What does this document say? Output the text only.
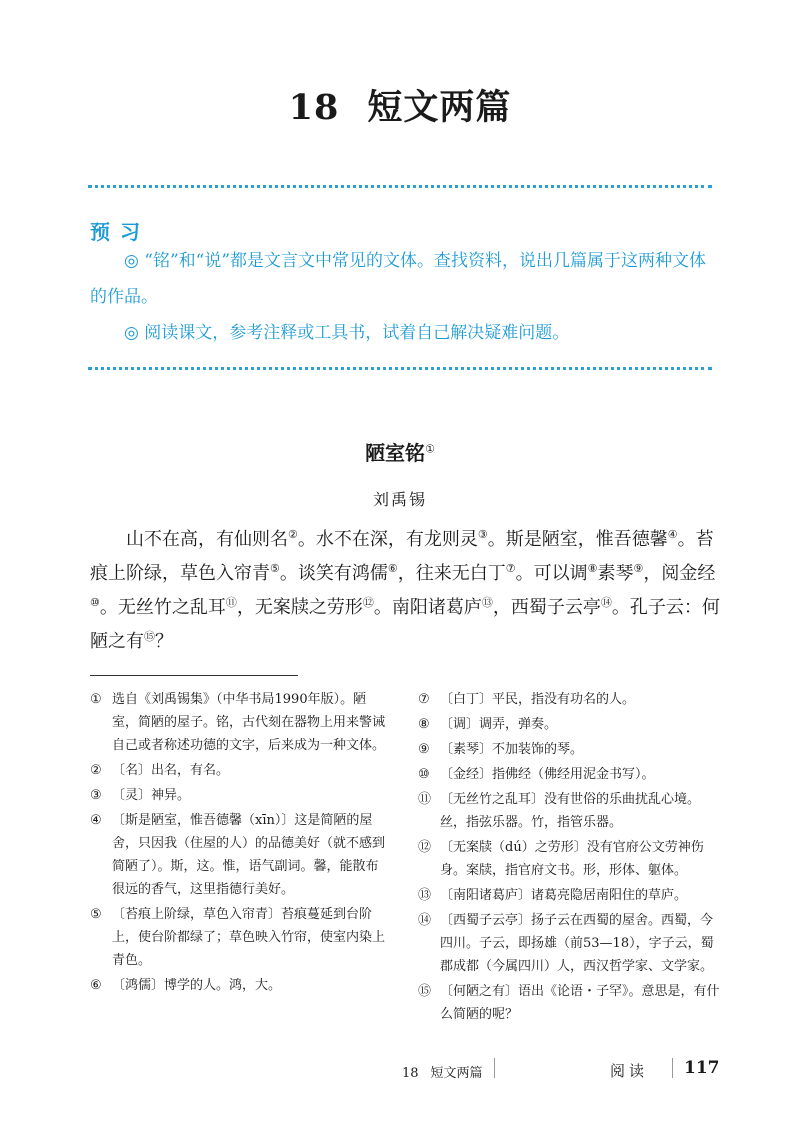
18 短文两篇
预习

◎ “铭”和“说”都是文言文中常见的文体。查找资料，说出几篇属于这两种文体的作品。

◎ 阅读课文，参考注释或工具书，试着自己解决疑难问题。

陋室铭①
刘禹锡

山不在高，有仙则名②。水不在深，有龙则灵③。斯是陋室，惟吾德馨④。苔痕上阶绿，草色入帘青⑤。谈笑有鸿儒⑥，往来无白丁⑦。可以调⑧素琴⑨，阅金经⑩。无丝竹之乱耳⑪，无案牍之劳形⑫。南阳诸葛庐⑬，西蜀子云亭⑭。孔子云：何陋之有⑮？

① 选自《刘禹锡集》（中华书局1990年版）。陋室，简陋的屋子。铭，古代刻在器物上用来警诫自己或者称述功德的文字，后来成为一种文体。
② 〔名〕出名，有名。
③ 〔灵〕神异。
④ 〔斯是陋室，惟吾德馨（xīn）〕这是简陋的屋舍，只因我（住屋的人）的品德美好（就不感到简陋了）。斯，这。惟，语气副词。馨，能散布很远的香气，这里指德行美好。
⑤ 〔苔痕上阶绿，草色入帘青〕苔痕蔓延到台阶上，使台阶都绿了；草色映入竹帘，使室内染上青色。
⑥ 〔鸿儒〕博学的人。鸿，大。
⑦ 〔白丁〕平民，指没有功名的人。
⑧ 〔调〕调弄，弹奏。
⑨ 〔素琴〕不加装饰的琴。
⑩ 〔金经〕指佛经（佛经用泥金书写）。
⑪ 〔无丝竹之乱耳〕没有世俗的乐曲扰乱心境。丝，指弦乐器。竹，指管乐器。
⑫ 〔无案牍（dú）之劳形〕没有官府公文劳神伤身。案牍，指官府文书。形，形体、躯体。
⑬ 〔南阳诸葛庐〕诸葛亮隐居南阳住的草庐。
⑭ 〔西蜀子云亭〕扬子云在西蜀的屋舍。西蜀，今四川。子云，即扬雄（前53—18），字子云，蜀郡成都（今属四川）人，西汉哲学家、文学家。
⑮ 〔何陋之有〕语出《论语・子罕》。意思是，有什么简陋的呢？
18 短文两篇	阅读 117
